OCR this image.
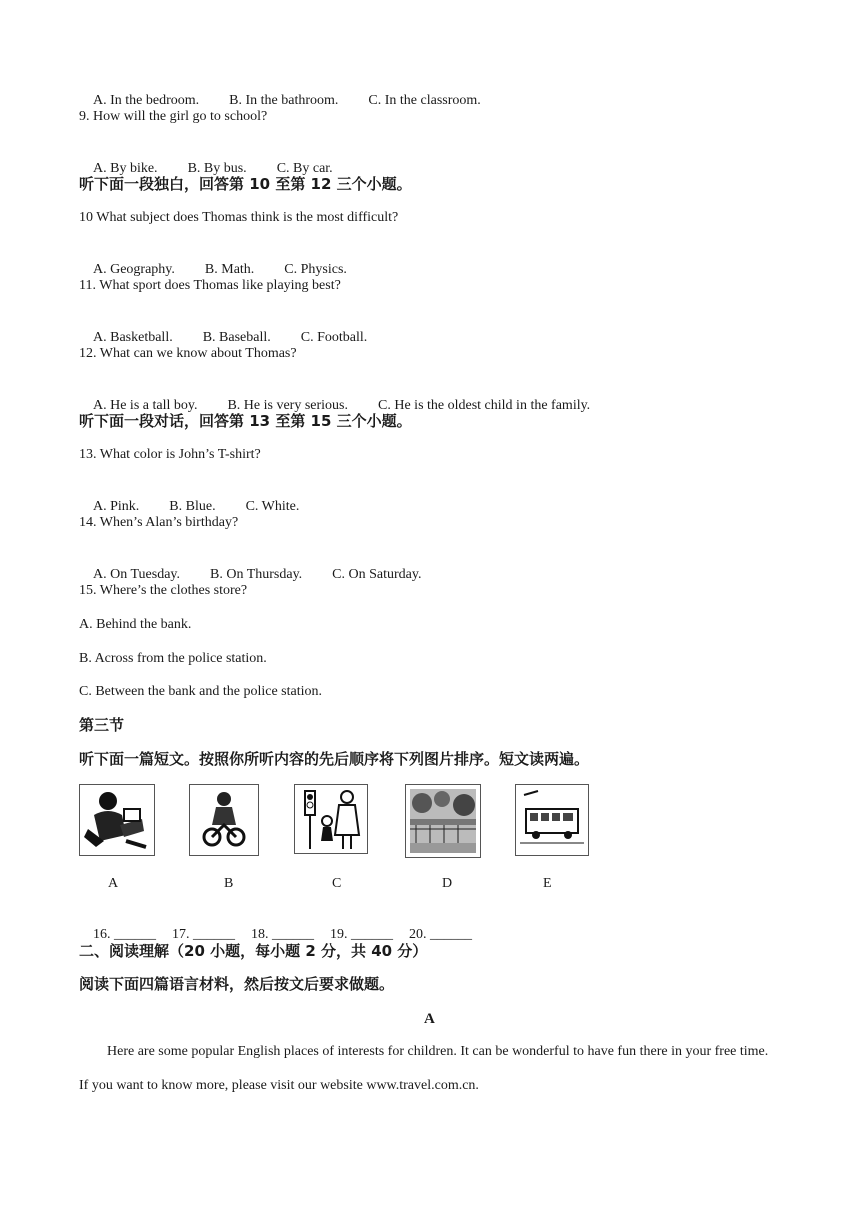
A. In the bedroom. B. In the bathroom. C. In the classroom.

9. How will the girl go to school?

A. By bike. B. By bus. C. By car.

听下面一段独白，回答第 10 至第 12 三个小题。
10 What subject does Thomas think is the most difficult?

A. Geography. B. Math. C. Physics.

11. What sport does Thomas like playing best?

A. Basketball. B. Baseball. C. Football.

12. What can we know about Thomas?

A. He is a tall boy. B. He is very serious. C. He is the oldest child in the family.

听下面一段对话，回答第 13 至第 15 三个小题。
13. What color is John’s T-shirt?

A. Pink. B. Blue. C. White.

14. When’s Alan’s birthday?

A. On Tuesday. B. On Thursday. C. On Saturday.

15. Where’s the clothes store?
A. Behind the bank.
B. Across from the police station.
C. Between the bank and the police station.
第三节
听下面一篇短文。按照你所听内容的先后顺序将下列图片排序。短文读两遍。
A	B	C	D	E

16. ______ 17. ______ 18. ______ 19. ______ 20. ______

二、阅读理解（20 小题，每小题 2 分，共 40 分）
阅读下面四篇语言材料，然后按文后要求做题。
A
Here are some popular English places of interests for children. It can be wonderful to have fun there in your free time. If you want to know more, please visit our website www.travel.com.cn.
